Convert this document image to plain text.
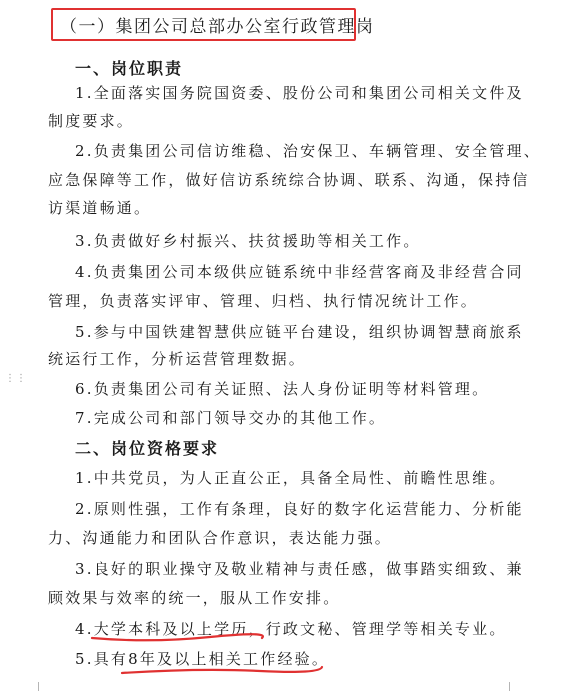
（一）集团公司总部办公室行政管理岗
一、岗位职责
1.全面落实国务院国资委、股份公司和集团公司相关文件及
制度要求。
2.负责集团公司信访维稳、治安保卫、车辆管理、安全管理、
应急保障等工作，做好信访系统综合协调、联系、沟通，保持信
访渠道畅通。
3.负责做好乡村振兴、扶贫援助等相关工作。
4.负责集团公司本级供应链系统中非经营客商及非经营合同
管理，负责落实评审、管理、归档、执行情况统计工作。
5.参与中国铁建智慧供应链平台建设，组织协调智慧商旅系
统运行工作，分析运营管理数据。
6.负责集团公司有关证照、法人身份证明等材料管理。
7.完成公司和部门领导交办的其他工作。
二、岗位资格要求
1.中共党员，为人正直公正，具备全局性、前瞻性思维。
2.原则性强，工作有条理，良好的数字化运营能力、分析能
力、沟通能力和团队合作意识，表达能力强。
3.良好的职业操守及敬业精神与责任感，做事踏实细致、兼
顾效果与效率的统一，服从工作安排。
4.大学本科及以上学历，行政文秘、管理学等相关专业。
5.具有8年及以上相关工作经验。
⋮⋮
